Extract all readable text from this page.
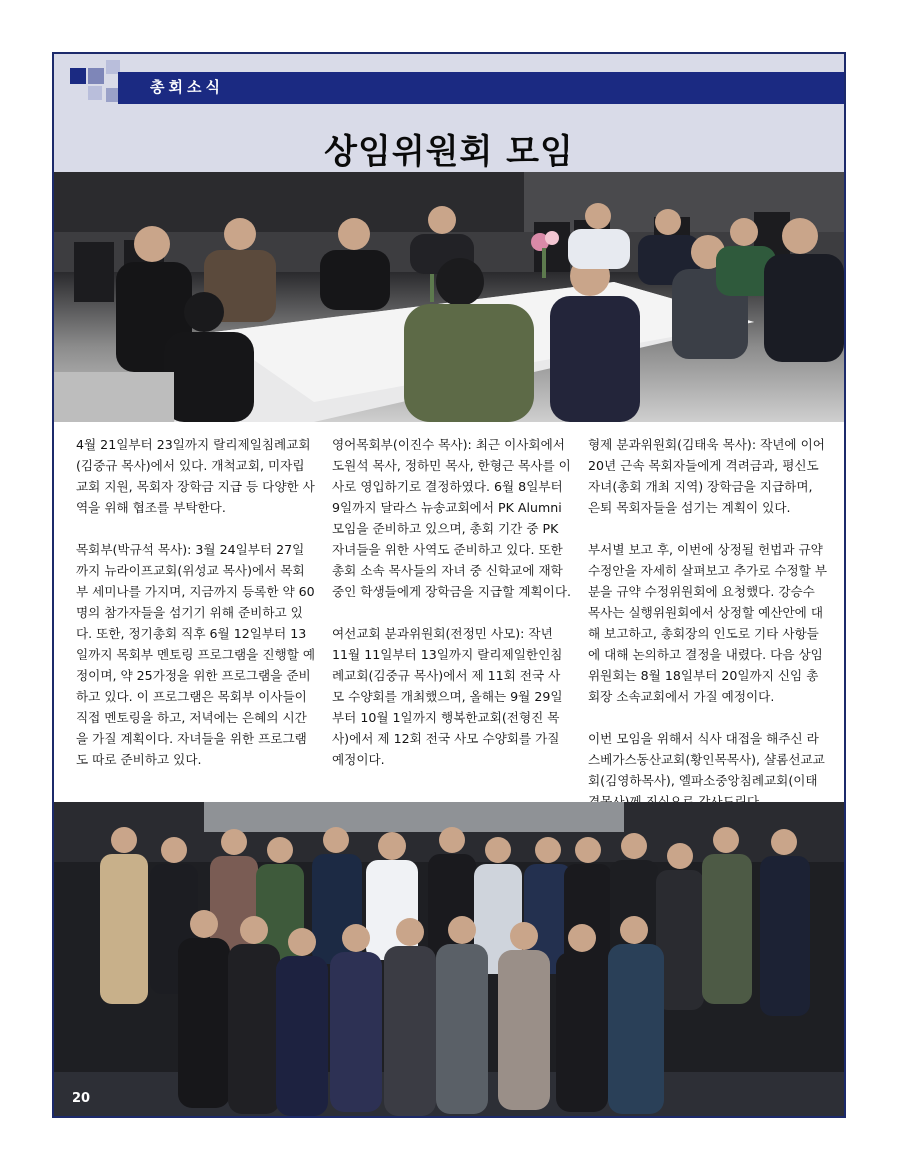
총회소식
상임위원회 모임

4월 21일부터 23일까지 랄리제일침례교회(김중규 목사)에서 있다. 개척교회, 미자립 교회 지원, 목회자 장학금 지급 등 다양한 사역을 위해 협조를 부탁한다.

목회부(박규석 목사): 3월 24일부터 27일까지 뉴라이프교회(위성교 목사)에서 목회부 세미나를 가지며, 지금까지 등록한 약 60명의 참가자들을 섬기기 위해 준비하고 있다. 또한, 정기총회 직후 6월 12일부터 13일까지 목회부 멘토링 프로그램을 진행할 예정이며, 약 25가정을 위한 프로그램을 준비하고 있다. 이 프로그램은 목회부 이사들이 직접 멘토링을 하고, 저녁에는 은혜의 시간을 가질 계획이다. 자녀들을 위한 프로그램도 따로 준비하고 있다.

영어목회부(이진수 목사): 최근 이사회에서 도원석 목사, 정하민 목사, 한형근 목사를 이사로 영입하기로 결정하였다. 6월 8일부터 9일까지 달라스 뉴송교회에서 PK Alumni 모임을 준비하고 있으며, 총회 기간 중 PK 자녀들을 위한 사역도 준비하고 있다. 또한 총회 소속 목사들의 자녀 중 신학교에 재학 중인 학생들에게 장학금을 지급할 계획이다.

여선교회 분과위원회(전정민 사모): 작년 11월 11일부터 13일까지 랄리제일한인침례교회(김중규 목사)에서 제 11회 전국 사모 수양회를 개최했으며, 올해는 9월 29일부터 10월 1일까지 행복한교회(전형진 목사)에서 제 12회 전국 사모 수양회를 가질 예정이다.

형제 분과위원회(김태욱 목사): 작년에 이어 20년 근속 목회자들에게 격려금과, 평신도 자녀(총회 개최 지역) 장학금을 지급하며, 은퇴 목회자들을 섬기는 계획이 있다.

부서별 보고 후, 이번에 상정될 헌법과 규약 수정안을 자세히 살펴보고 추가로 수정할 부분을 규약 수정위원회에 요청했다. 강승수 목사는 실행위원회에서 상정할 예산안에 대해 보고하고, 총회장의 인도로 기타 사항들에 대해 논의하고 결정을 내렸다. 다음 상임위원회는 8월 18일부터 20일까지 신임 총회장 소속교회에서 가질 예정이다.

이번 모임을 위해서 식사 대접을 해주신 라스베가스동산교회(황인목목사), 샬롬선교교회(김영하목사), 엘파소중앙침례교회(이태

20
